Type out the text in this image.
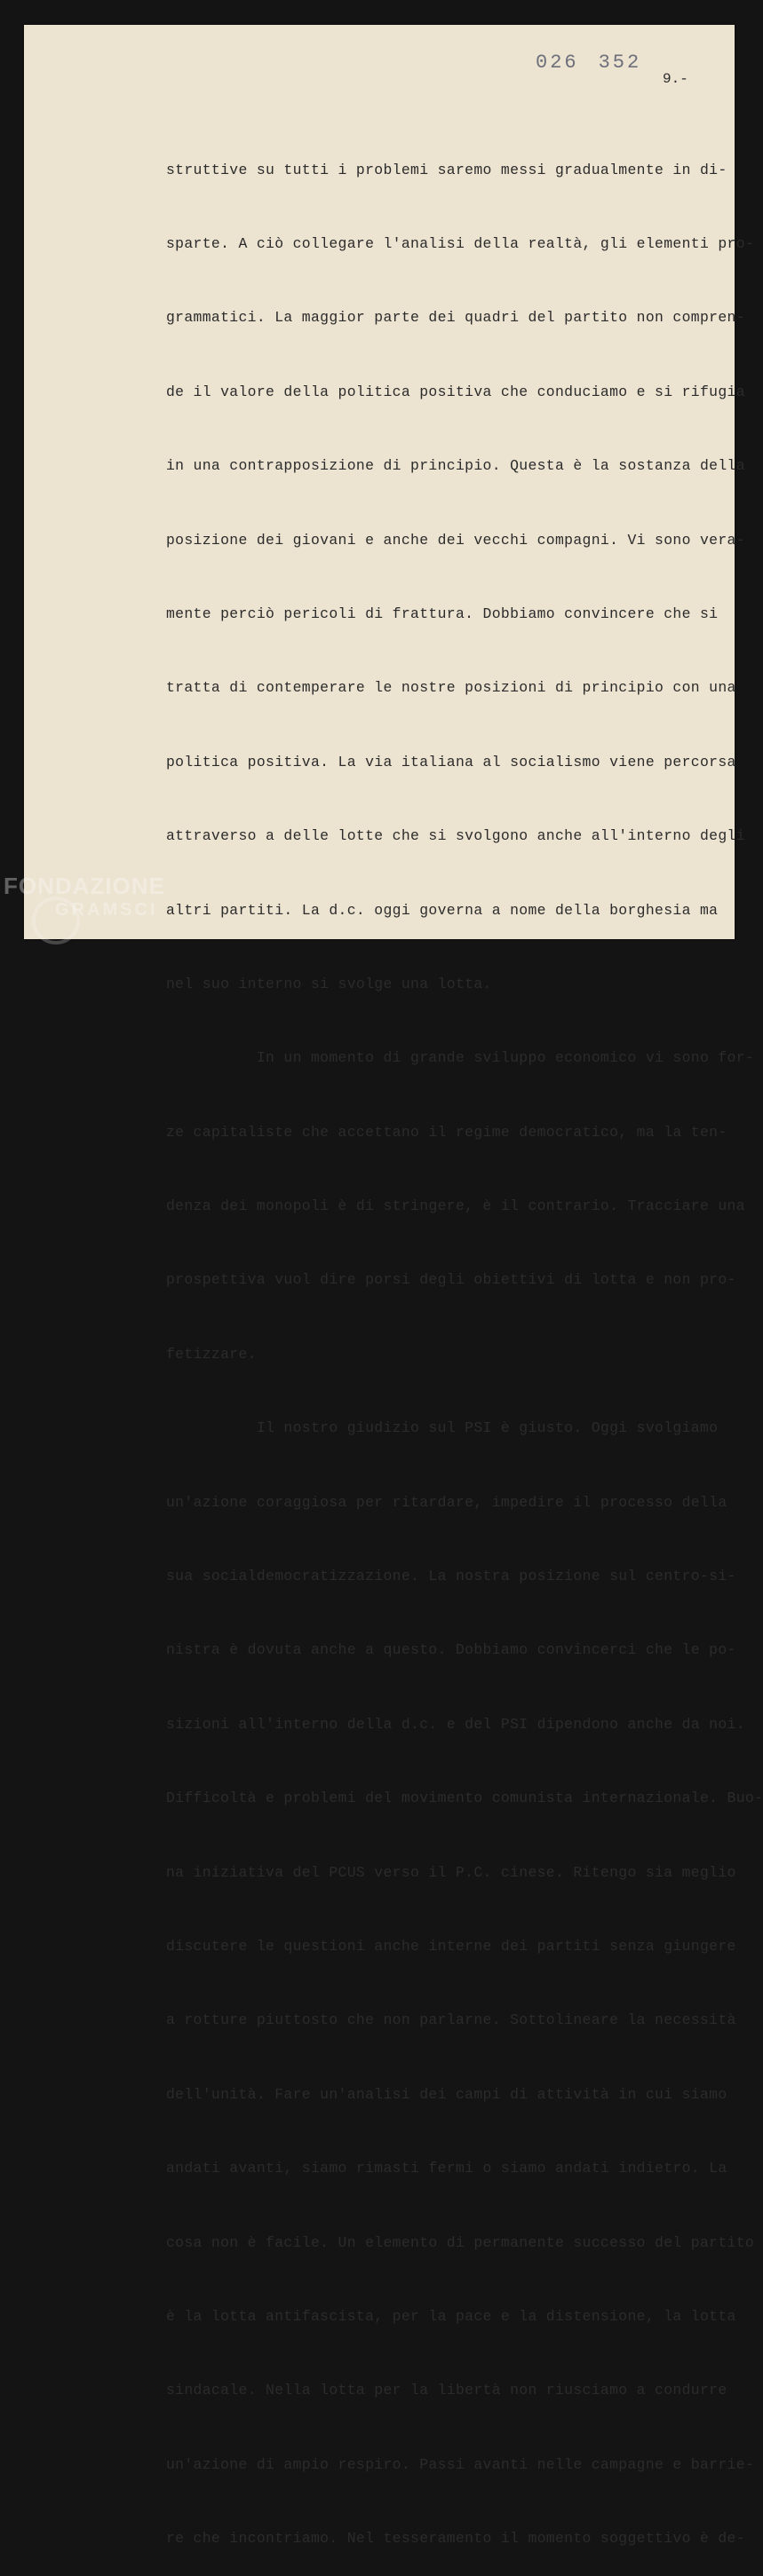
026 352
9.-

struttive su tutti i problemi saremo messi gradualmente in di-

sparte. A ciò collegare l'analisi della realtà, gli elementi pro-

grammatici. La maggior parte dei quadri del partito non compren-

de il valore della politica positiva che conduciamo e si rifugia

in una contrapposizione di principio. Questa è la sostanza della

posizione dei giovani e anche dei vecchi compagni. Vi sono vera-

mente perciò pericoli di frattura. Dobbiamo convincere che si

tratta di contemperare le nostre posizioni di principio con una

politica positiva. La via italiana al socialismo viene percorsa

attraverso a delle lotte che si svolgono anche all'interno degli

altri partiti. La d.c. oggi governa a nome della borghesia ma

nel suo interno si svolge una lotta.

In un momento di grande sviluppo economico vi sono for-

ze capitaliste che accettano il regime democratico, ma la ten-

denza dei monopoli è di stringere, è il contrario. Tracciare una

prospettiva vuol dire porsi degli obiettivi di lotta e non pro-

fetizzare.

Il nostro giudizio sul PSI è giusto. Oggi svolgiamo

un'azione coraggiosa per ritardare, impedire il processo della

sua socialdemocratizzazione. La nostra posizione sul centro-si-

nistra è dovuta anche a questo. Dobbiamo convincerci che le po-

sizioni all'interno della d.c. e del PSI dipendono anche da noi.

Difficoltà e problemi del movimento comunista internazionale. Buo-

na iniziativa del PCUS verso il P.C. cinese. Ritengo sia meglio

discutere le questioni anche interne dei partiti senza giungere

a rotture piuttosto che non parlarne. Sottolineare la necessità

dell'unità. Fare un'analisi dei campi di attività in cui siamo

andati avanti, siamo rimasti fermi o siamo andati indietro. La

cosa non è facile. Un elemento di permanente successo del partito

è la lotta antifascista, per la pace e la distensione, la lotta

sindacale. Nella lotta per la libertà non riusciamo a condurre

un'azione di ampio respiro. Passi avanti nelle campagne e barrie-

re che incontriamo. Nel tesseramento il momento soggettivo è de-

FONDAZIONE
GRAMSCI
